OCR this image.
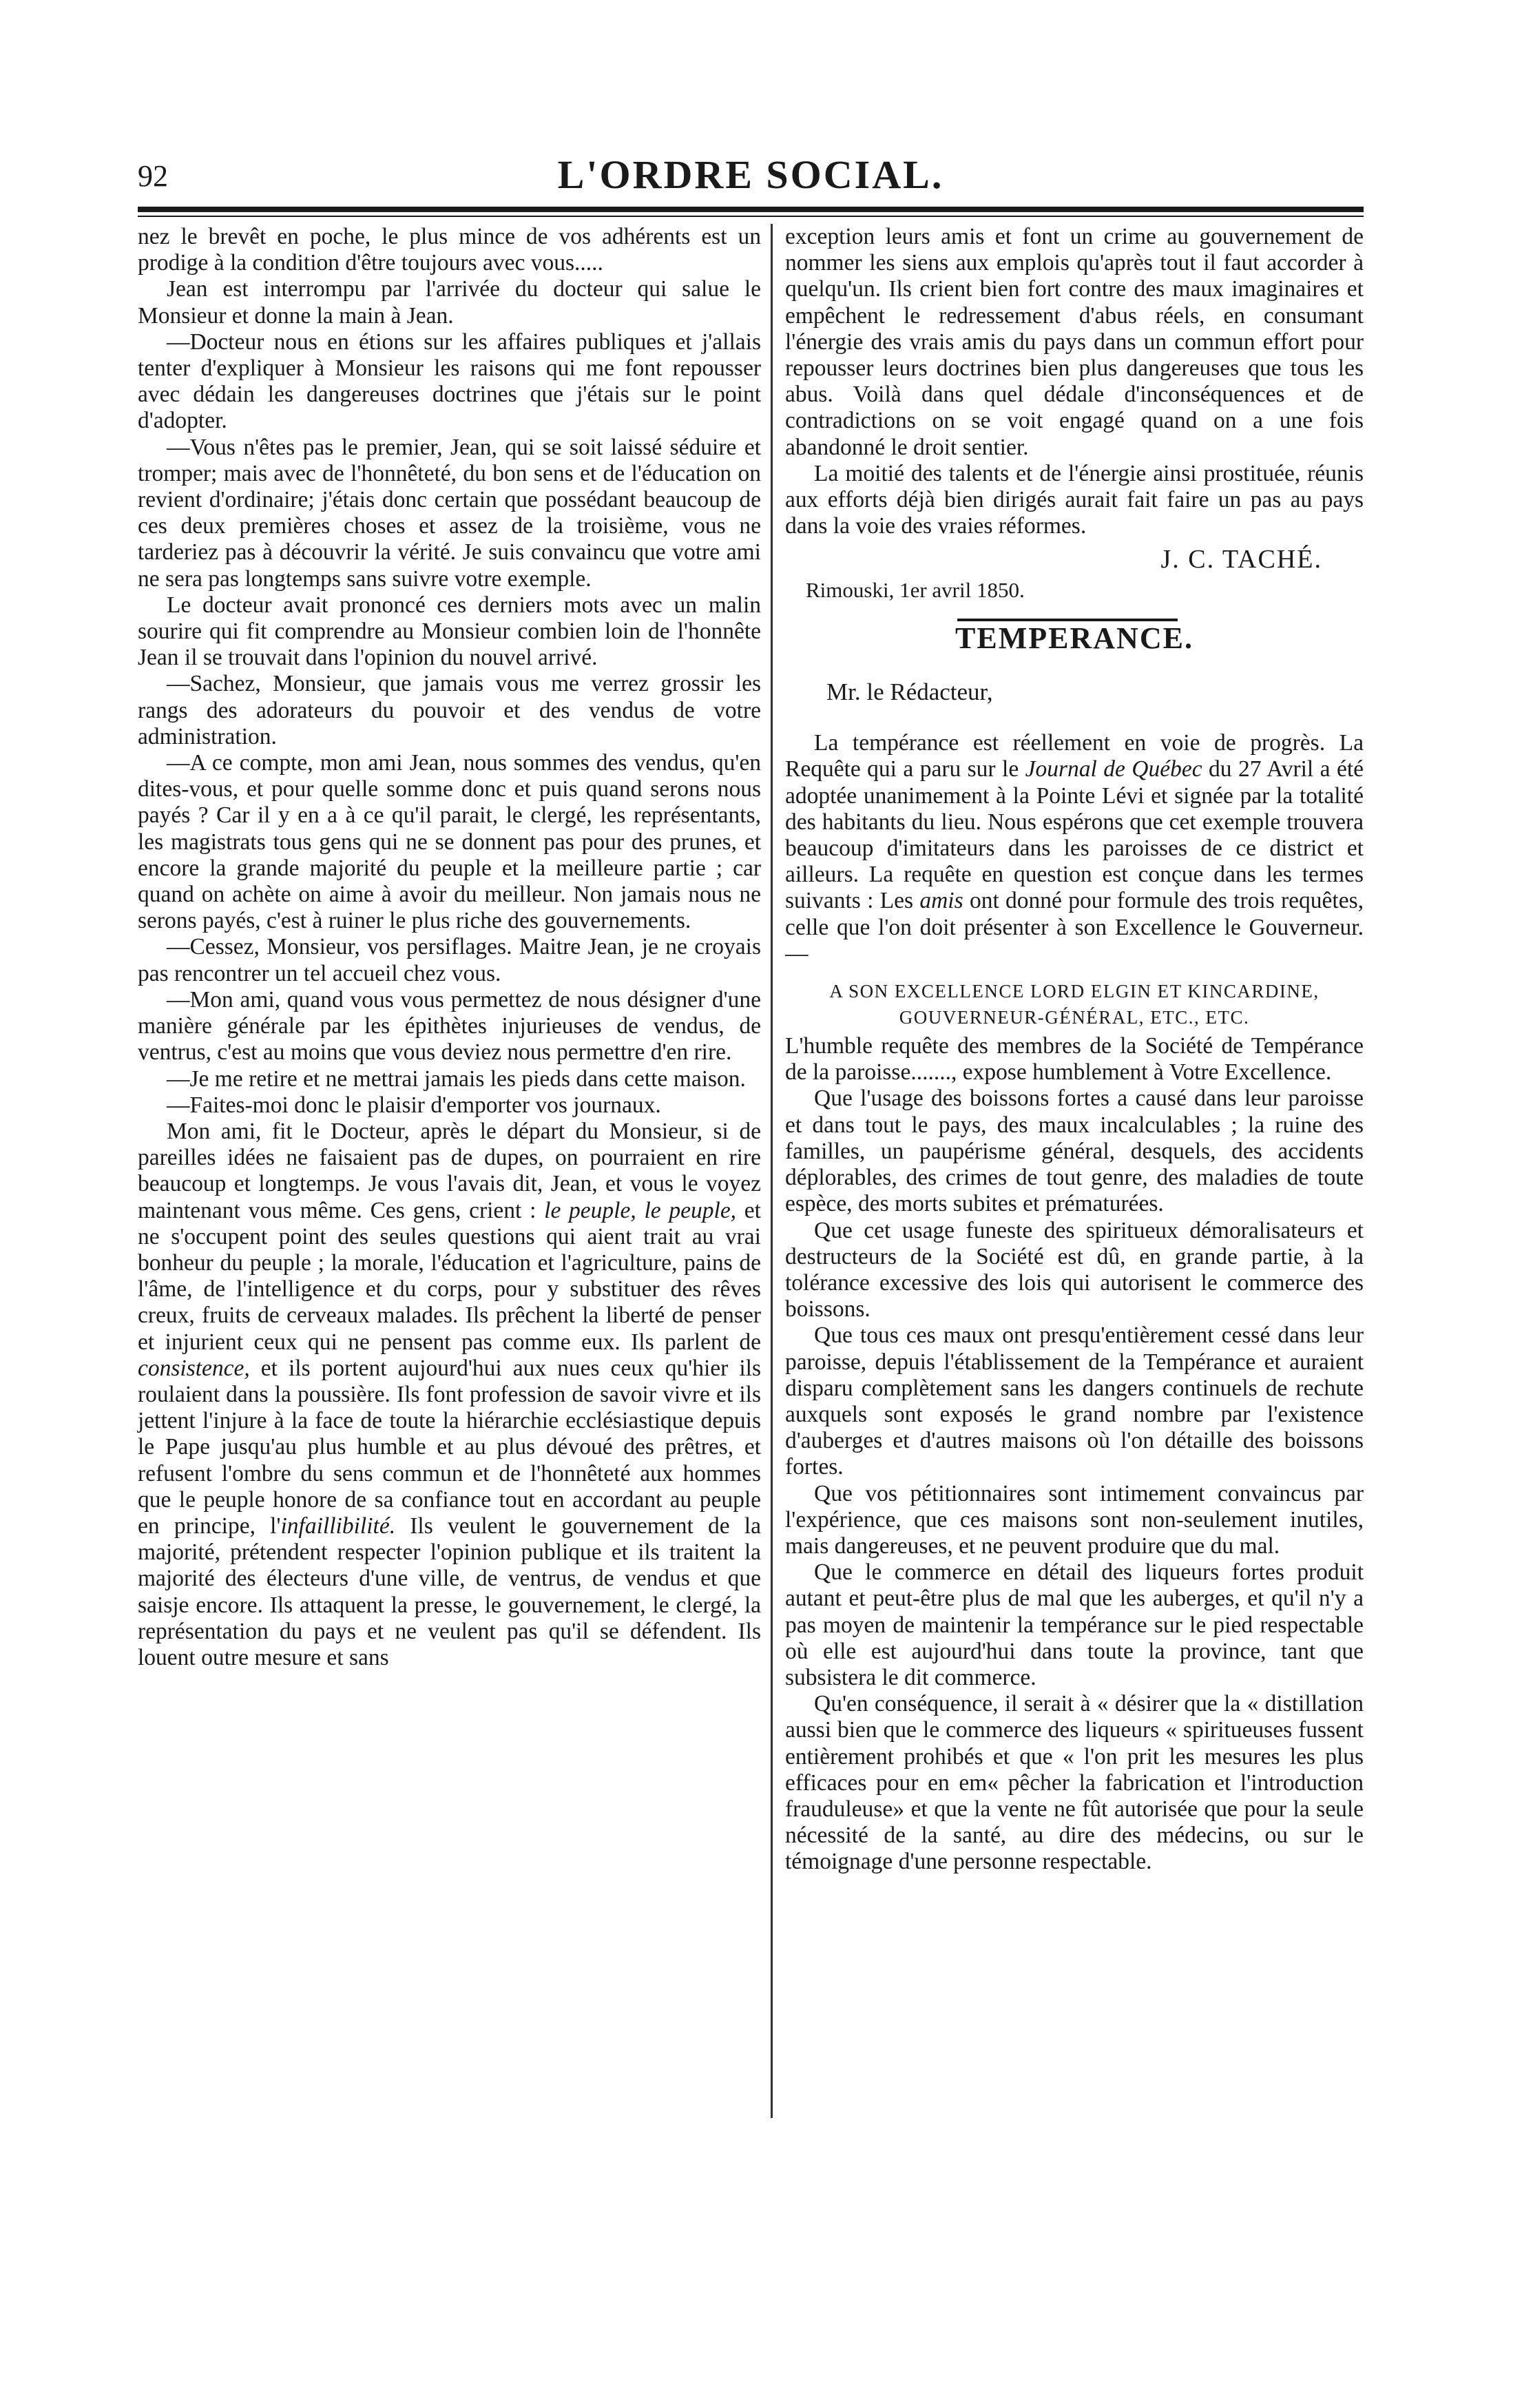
92	L'ORDRE SOCIAL.

nez le brevêt en poche, le plus mince de vos adhérents est un prodige à la condition d'être toujours avec vous.....

Jean est interrompu par l'arrivée du docteur qui salue le Monsieur et donne la main à Jean.

—Docteur nous en étions sur les affaires publiques et j'allais tenter d'expliquer à Monsieur les raisons qui me font repousser avec dédain les dangereuses doctrines que j'étais sur le point d'adopter.

—Vous n'êtes pas le premier, Jean, qui se soit laissé séduire et tromper; mais avec de l'honnêteté, du bon sens et de l'éducation on revient d'ordinaire; j'étais donc certain que possédant beaucoup de ces deux premières choses et assez de la troisième, vous ne tarderiez pas à découvrir la vérité. Je suis convaincu que votre ami ne sera pas longtemps sans suivre votre exemple.

Le docteur avait prononcé ces derniers mots avec un malin sourire qui fit comprendre au Monsieur combien loin de l'honnête Jean il se trouvait dans l'opinion du nouvel arrivé.

—Sachez, Monsieur, que jamais vous me verrez grossir les rangs des adorateurs du pouvoir et des vendus de votre administration.

—A ce compte, mon ami Jean, nous sommes des vendus, qu'en dites-vous, et pour quelle somme donc et puis quand serons nous payés ? Car il y en a à ce qu'il parait, le clergé, les représentants, les magistrats tous gens qui ne se donnent pas pour des prunes, et encore la grande majorité du peuple et la meilleure partie ; car quand on achète on aime à avoir du meilleur. Non jamais nous ne serons payés, c'est à ruiner le plus riche des gouvernements.

—Cessez, Monsieur, vos persiflages. Maitre Jean, je ne croyais pas rencontrer un tel accueil chez vous.

—Mon ami, quand vous vous permettez de nous désigner d'une manière générale par les épithètes injurieuses de vendus, de ventrus, c'est au moins que vous deviez nous permettre d'en rire.

—Je me retire et ne mettrai jamais les pieds dans cette maison.

—Faites-moi donc le plaisir d'emporter vos journaux.

Mon ami, fit le Docteur, après le départ du Monsieur, si de pareilles idées ne faisaient pas de dupes, on pourraient en rire beaucoup et longtemps. Je vous l'avais dit, Jean, et vous le voyez maintenant vous même. Ces gens, crient : le peuple, le peuple, et ne s'occupent point des seules questions qui aient trait au vrai bonheur du peuple ; la morale, l'éducation et l'agriculture, pains de l'âme, de l'intelligence et du corps, pour y substituer des rêves creux, fruits de cerveaux malades. Ils prêchent la liberté de penser et injurient ceux qui ne pensent pas comme eux. Ils parlent de consistence, et ils portent aujourd'hui aux nues ceux qu'hier ils roulaient dans la poussière. Ils font profession de savoir vivre et ils jettent l'injure à la face de toute la hiérarchie ecclésiastique depuis le Pape jusqu'au plus humble et au plus dévoué des prêtres, et refusent l'ombre du sens commun et de l'honnêteté aux hommes que le peuple honore de sa confiance tout en accordant au peuple en principe, l'infaillibilité. Ils veulent le gouvernement de la majorité, prétendent respecter l'opinion publique et ils traitent la majorité des électeurs d'une ville, de ventrus, de vendus et que saisje encore. Ils attaquent la presse, le gouvernement, le clergé, la représentation du pays et ne veulent pas qu'il se défendent. Ils louent outre mesure et sans

exception leurs amis et font un crime au gouvernement de nommer les siens aux emplois qu'après tout il faut accorder à quelqu'un. Ils crient bien fort contre des maux imaginaires et empêchent le redressement d'abus réels, en consumant l'énergie des vrais amis du pays dans un commun effort pour repousser leurs doctrines bien plus dangereuses que tous les abus. Voilà dans quel dédale d'inconséquences et de contradictions on se voit engagé quand on a une fois abandonné le droit sentier.

La moitié des talents et de l'énergie ainsi prostituée, réunis aux efforts déjà bien dirigés aurait fait faire un pas au pays dans la voie des vraies réformes.

J. C. TACHÉ.
Rimouski, 1er avril 1850.
TEMPERANCE.
Mr. le Rédacteur,

La tempérance est réellement en voie de progrès. La Requête qui a paru sur le Journal de Québec du 27 Avril a été adoptée unanimement à la Pointe Lévi et signée par la totalité des habitants du lieu. Nous espérons que cet exemple trouvera beaucoup d'imitateurs dans les paroisses de ce district et ailleurs. La requête en question est conçue dans les termes suivants : Les amis ont donné pour formule des trois requêtes, celle que l'on doit présenter à son Excellence le Gouverneur.—

A SON EXCELLENCE LORD ELGIN ET KINCARDINE,
GOUVERNEUR-GÉNÉRAL, ETC., ETC.

L'humble requête des membres de la Société de Tempérance de la paroisse......., expose humblement à Votre Excellence.

Que l'usage des boissons fortes a causé dans leur paroisse et dans tout le pays, des maux incalculables ; la ruine des familles, un paupérisme général, desquels, des accidents déplorables, des crimes de tout genre, des maladies de toute espèce, des morts subites et prématurées.

Que cet usage funeste des spiritueux démoralisateurs et destructeurs de la Société est dû, en grande partie, à la tolérance excessive des lois qui autorisent le commerce des boissons.

Que tous ces maux ont presqu'entièrement cessé dans leur paroisse, depuis l'établissement de la Tempérance et auraient disparu complètement sans les dangers continuels de rechute auxquels sont exposés le grand nombre par l'existence d'auberges et d'autres maisons où l'on détaille des boissons fortes.

Que vos pétitionnaires sont intimement convaincus par l'expérience, que ces maisons sont non-seulement inutiles, mais dangereuses, et ne peuvent produire que du mal.

Que le commerce en détail des liqueurs fortes produit autant et peut-être plus de mal que les auberges, et qu'il n'y a pas moyen de maintenir la tempérance sur le pied respectable où elle est aujourd'hui dans toute la province, tant que subsistera le dit commerce.

Qu'en conséquence, il serait à « désirer que la « distillation aussi bien que le commerce des liqueurs « spiritueuses fussent entièrement prohibés et que « l'on prit les mesures les plus efficaces pour en em« pêcher la fabrication et l'introduction frauduleuse» et que la vente ne fût autorisée que pour la seule nécessité de la santé, au dire des médecins, ou sur le témoignage d'une personne respectable.
